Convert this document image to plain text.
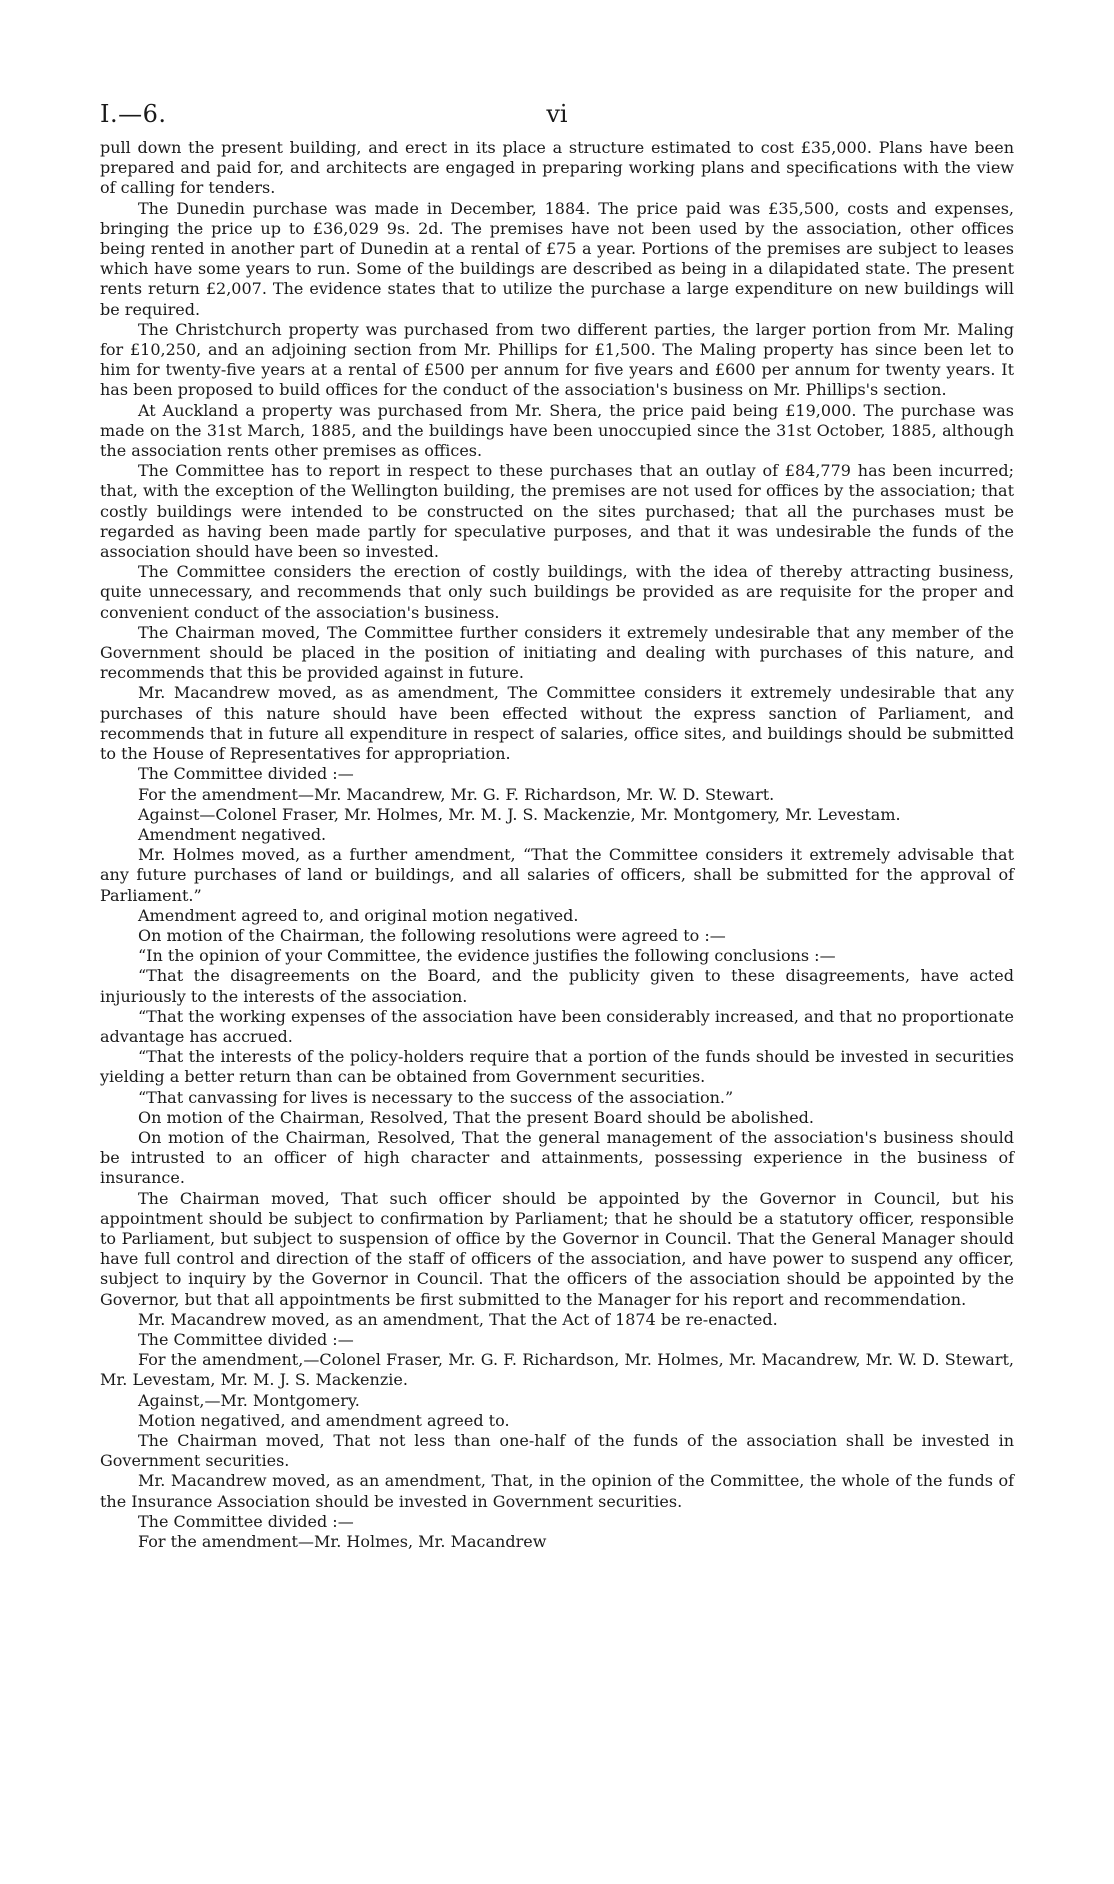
I.—6.	vi

pull down the present building, and erect in its place a structure estimated to cost £35,000. Plans have been prepared and paid for, and architects are engaged in preparing working plans and specifications with the view of calling for tenders.

The Dunedin purchase was made in December, 1884. The price paid was £35,500, costs and expenses, bringing the price up to £36,029 9s. 2d. The premises have not been used by the association, other offices being rented in another part of Dunedin at a rental of £75 a year. Portions of the premises are subject to leases which have some years to run. Some of the buildings are described as being in a dilapidated state. The present rents return £2,007. The evidence states that to utilize the purchase a large expenditure on new buildings will be required.

The Christchurch property was purchased from two different parties, the larger portion from Mr. Maling for £10,250, and an adjoining section from Mr. Phillips for £1,500. The Maling property has since been let to him for twenty-five years at a rental of £500 per annum for five years and £600 per annum for twenty years. It has been proposed to build offices for the conduct of the association's business on Mr. Phillips's section.

At Auckland a property was purchased from Mr. Shera, the price paid being £19,000. The purchase was made on the 31st March, 1885, and the buildings have been unoccupied since the 31st October, 1885, although the association rents other premises as offices.

The Committee has to report in respect to these purchases that an outlay of £84,779 has been incurred; that, with the exception of the Wellington building, the premises are not used for offices by the association; that costly buildings were intended to be constructed on the sites purchased; that all the purchases must be regarded as having been made partly for speculative purposes, and that it was undesirable the funds of the association should have been so invested.

The Committee considers the erection of costly buildings, with the idea of thereby attracting business, quite unnecessary, and recommends that only such buildings be provided as are requisite for the proper and convenient conduct of the association's business.

The Chairman moved, The Committee further considers it extremely undesirable that any member of the Government should be placed in the position of initiating and dealing with purchases of this nature, and recommends that this be provided against in future.

Mr. Macandrew moved, as as amendment, The Committee considers it extremely undesirable that any purchases of this nature should have been effected without the express sanction of Parliament, and recommends that in future all expenditure in respect of salaries, office sites, and buildings should be submitted to the House of Representatives for appropriation.

The Committee divided :—

For the amendment—Mr. Macandrew, Mr. G. F. Richardson, Mr. W. D. Stewart.

Against—Colonel Fraser, Mr. Holmes, Mr. M. J. S. Mackenzie, Mr. Montgomery, Mr. Levestam.

Amendment negatived.

Mr. Holmes moved, as a further amendment, “That the Committee considers it extremely advisable that any future purchases of land or buildings, and all salaries of officers, shall be submitted for the approval of Parliament.”

Amendment agreed to, and original motion negatived.

On motion of the Chairman, the following resolutions were agreed to :—

“In the opinion of your Committee, the evidence justifies the following conclusions :—

“That the disagreements on the Board, and the publicity given to these disagreements, have acted injuriously to the interests of the association.

“That the working expenses of the association have been considerably increased, and that no proportionate advantage has accrued.

“That the interests of the policy-holders require that a portion of the funds should be invested in securities yielding a better return than can be obtained from Government securities.

“That canvassing for lives is necessary to the success of the association.”

On motion of the Chairman, Resolved, That the present Board should be abolished.

On motion of the Chairman, Resolved, That the general management of the association's business should be intrusted to an officer of high character and attainments, possessing experience in the business of insurance.

The Chairman moved, That such officer should be appointed by the Governor in Council, but his appointment should be subject to confirmation by Parliament; that he should be a statutory officer, responsible to Parliament, but subject to suspension of office by the Governor in Council. That the General Manager should have full control and direction of the staff of officers of the association, and have power to suspend any officer, subject to inquiry by the Governor in Council. That the officers of the association should be appointed by the Governor, but that all appointments be first submitted to the Manager for his report and recommendation.

Mr. Macandrew moved, as an amendment, That the Act of 1874 be re-enacted.

The Committee divided :—

For the amendment,—Colonel Fraser, Mr. G. F. Richardson, Mr. Holmes, Mr. Macandrew, Mr. W. D. Stewart, Mr. Levestam, Mr. M. J. S. Mackenzie.

Against,—Mr. Montgomery.

Motion negatived, and amendment agreed to.

The Chairman moved, That not less than one-half of the funds of the association shall be invested in Government securities.

Mr. Macandrew moved, as an amendment, That, in the opinion of the Committee, the whole of the funds of the Insurance Association should be invested in Government securities.

The Committee divided :—

For the amendment—Mr. Holmes, Mr. Macandrew
